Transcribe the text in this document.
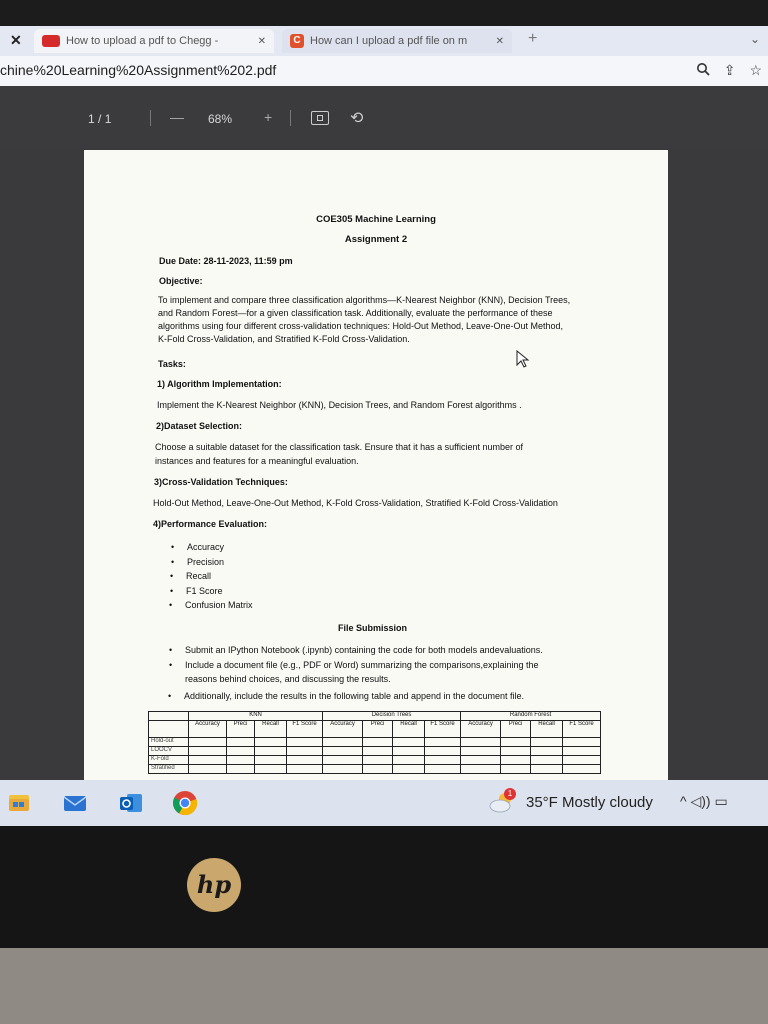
✕	How to upload a pdf to Chegg -	✕	C How can I upload a pdf file on m	✕ +	⌄
chine%20Learning%20Assignment%202.pdf	⇪ ☆
1 / 1	— 68% +	⟲
COE305 Machine Learning
Assignment 2
Due Date: 28-11-2023, 11:59 pm
Objective:
To implement and compare three classification algorithms—K-Nearest Neighbor (KNN), Decision Trees,
and Random Forest—for a given classification task. Additionally, evaluate the performance of these
algorithms using four different cross-validation techniques: Hold-Out Method, Leave-One-Out Method,
K-Fold Cross-Validation, and Stratified K-Fold Cross-Validation.
Tasks:
1) Algorithm Implementation:
Implement the K-Nearest Neighbor (KNN), Decision Trees, and Random Forest algorithms .
2)Dataset Selection:
Choose a suitable dataset for the classification task. Ensure that it has a sufficient number of
instances and features for a meaningful evaluation.
3)Cross-Validation Techniques:
Hold-Out Method, Leave-One-Out Method, K-Fold Cross-Validation, Stratified K-Fold Cross-Validation
4)Performance Evaluation:
• Accuracy
• Precision
• Recall
• F1 Score
• Confusion Matrix
File Submission
• Submit an IPython Notebook (.ipynb) containing the code for both models andevaluations.
• Include a document file (e.g., PDF or Word) summarizing the comparisons,explaining the
reasons behind choices, and discussing the results.
• Additionally, include the results in the following table and append in the document file.
	KNN				Decision Trees				Random Forest			
	Accuracy	Preci	Recall	F1 Score	Accuracy	Preci	Recall	F1 Score	Accuracy	Preci	Recall	F1 Score
Hold-out												
LOOCV												
K-Fold												
Stratified												
1
35°F Mostly cloudy ^ ◁)) ▭
hp
